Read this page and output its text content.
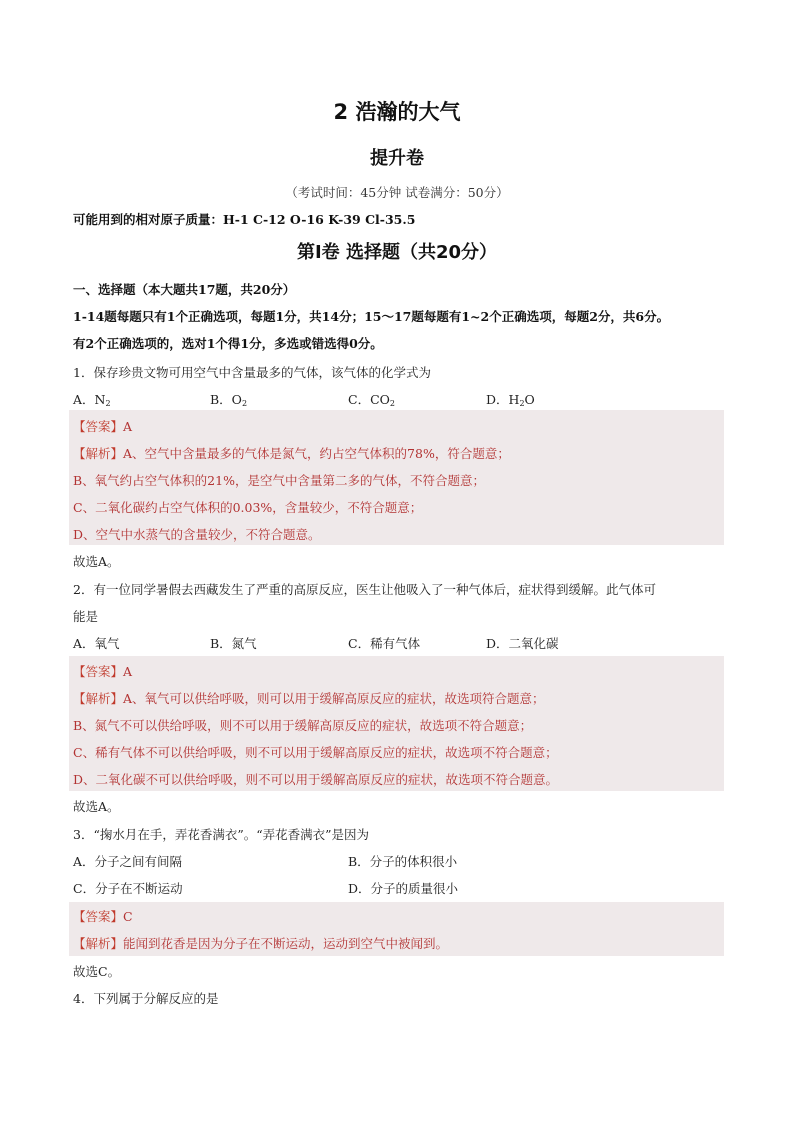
2 浩瀚的大气
提升卷
（考试时间：45分钟 试卷满分：50分）
可能用到的相对原子质量：H-1 C-12 O-16 K-39 Cl-35.5
第Ⅰ卷 选择题（共20分）
一、选择题（本大题共17题，共20分）
1-14题每题只有1个正确选项，每题1分，共14分；15～17题每题有1~2个正确选项，每题2分，共6分。
有2个正确选项的，选对1个得1分，多选或错选得0分。
1．保存珍贵文物可用空气中含量最多的气体，该气体的化学式为
A．$N_2$	B．$O_2$	C．$CO_2$	D．$H_2O$
【答案】A
【解析】A、空气中含量最多的气体是氮气，约占空气体积的78%，符合题意；
B、氧气约占空气体积的21%，是空气中含量第二多的气体，不符合题意；
C、二氧化碳约占空气体积的0.03%，含量较少，不符合题意；
D、空气中水蒸气的含量较少，不符合题意。
故选A。
2．有一位同学暑假去西藏发生了严重的高原反应，医生让他吸入了一种气体后，症状得到缓解。此气体可
能是
A．氧气	B．氮气	C．稀有气体	D．二氧化碳
【答案】A
【解析】A、氧气可以供给呼吸，则可以用于缓解高原反应的症状，故选项符合题意；
B、氮气不可以供给呼吸，则不可以用于缓解高原反应的症状，故选项不符合题意；
C、稀有气体不可以供给呼吸，则不可以用于缓解高原反应的症状，故选项不符合题意；
D、二氧化碳不可以供给呼吸，则不可以用于缓解高原反应的症状，故选项不符合题意。
故选A。
3．“掬水月在手，弄花香满衣”。“弄花香满衣”是因为
A．分子之间有间隔	B．分子的体积很小
C．分子在不断运动	D．分子的质量很小
【答案】C
【解析】能闻到花香是因为分子在不断运动，运动到空气中被闻到。
故选C。
4．下列属于分解反应的是
